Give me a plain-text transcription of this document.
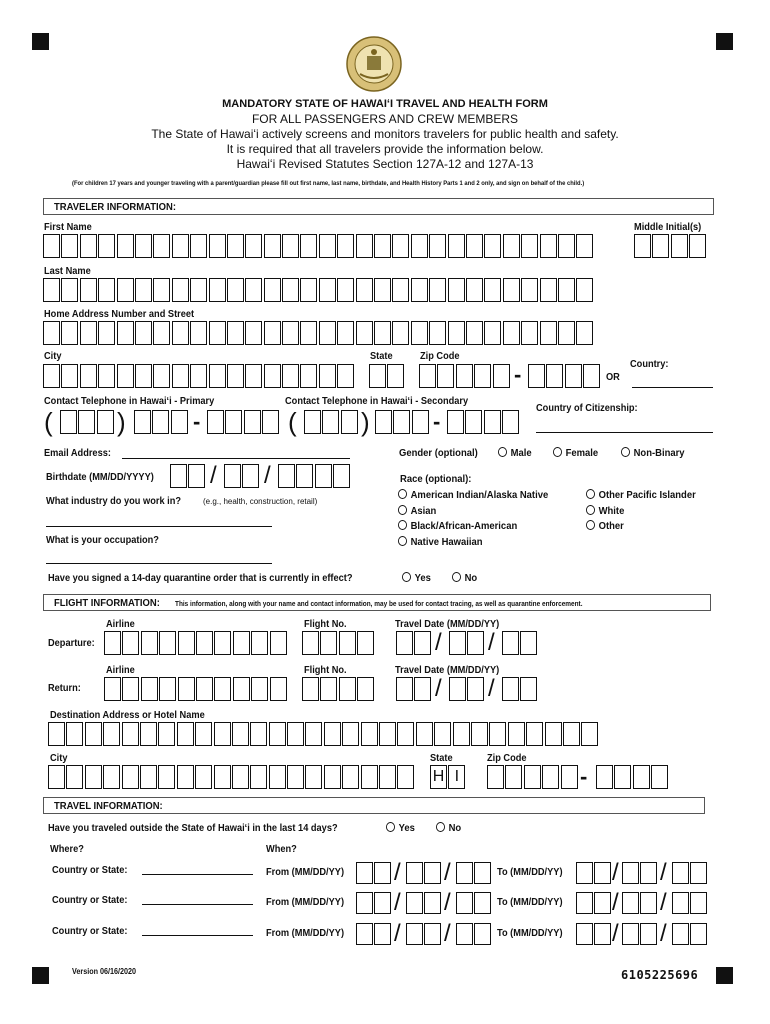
MANDATORY STATE OF HAWAIʻI TRAVEL AND HEALTH FORM
FOR ALL PASSENGERS AND CREW MEMBERS
The State of Hawaiʻi actively screens and monitors travelers for public health and safety.
It is required that all travelers provide the information below.
Hawaiʻi Revised Statutes Section 127A-12 and 127A-13
(For children 17 years and younger traveling with a parent/guardian please fill out first name, last name, birthdate, and Health History Parts 1 and 2 only, and sign on behalf of the child.)
TRAVELER INFORMATION:
First Name	Middle Initial(s)
Last Name
Home Address Number and Street
City	State	Zip Code
Country:
-	OR
Contact Telephone in Hawaiʻi - Primary	Contact Telephone in Hawaiʻi - Secondary
Country of Citizenship:
( )	-	( )	-
Email Address:	Gender (optional)	Male	Female	Non-Binary
Birthdate (MM/DD/YYYY) / /	Race (optional):
American Indian/Alaska Native
Asian
Black/African-American
Native Hawaiian
Other Pacific Islander
White
Other
What industry do you work in?	(e.g., health, construction, retail)
What is your occupation?
Have you signed a 14-day quarantine order that is currently in effect?	Yes	No
FLIGHT INFORMATION: This information, along with your name and contact information, may be used for contact tracing, as well as quarantine enforcement.
Airline	Flight No.	Travel Date (MM/DD/YY)
Departure:	/ /
Airline	Flight No.	Travel Date (MM/DD/YY)
Return:	/ /
Destination Address or Hotel Name
City	State	Zip Code
H I	-
TRAVEL INFORMATION:
Have you traveled outside the State of Hawaiʻi in the last 14 days?	Yes	No
Where?	When?
Country or State:	From (MM/DD/YY) / /	To (MM/DD/YY) / /
Country or State:	From (MM/DD/YY) / /	To (MM/DD/YY) / /
Country or State:	From (MM/DD/YY) / /	To (MM/DD/YY) / /
Version 06/16/2020	6105225696
